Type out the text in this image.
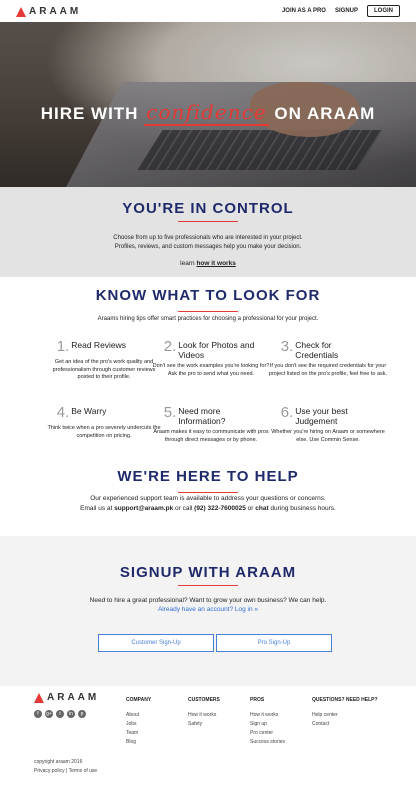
ARAAM	JOIN AS A PRO SIGNUP	LOGIN
HIRE WITH confidence ON ARAAM
YOU'RE IN CONTROL
Choose from up to five professionals who are interested in your project.
Profiles, reviews, and custom messages help you make your decision.
learn how it works
KNOW WHAT TO LOOK FOR
Araams hiring tips offer smart practices for choosing a professional for your project.
1. Read Reviews
Get an idea of the pro's work quality and professionalism through customer reviews posted to their profile.
2. Look for Photos and Videos
Don't see the work examples you're looking for? Ask the pro to send what you need.
3. Check for Credentials
If you don't see the required credentials for your project listed on the pro's profile, feel free to ask.
4. Be Warry
Think twice when a pro severely undercuts the competition on pricing.
5. Need more Information?
Araam makes it easy to communicate with pros through direct messages or by phone.
6. Use your best Judgement
Whether you're hiring on Araam or somewhere else. Use Commin Sense.
WE'RE HERE TO HELP
Our experienced support team is available to address your questions or concerns.
Email us at support@araam.pk or call (92) 322-7600025 or chat during business hours.
SIGNUP WITH ARAAM
Need to hire a great professional? Want to grow your own business? We can help.
Already have an account? Log in »
Customer Sign-Up	Pro Sign-Up
ARAAM
f	g+	t	in	p
COMPANY
About
Jobs
Team
Blog
CUSTOMERS
How it works
Safety
PROS
How it works
Sign up
Pro center
Success stories
QUESTIONS? NEED HELP?
Help center
Contact
copyright araam 2016
Privacy policy | Terms of use
